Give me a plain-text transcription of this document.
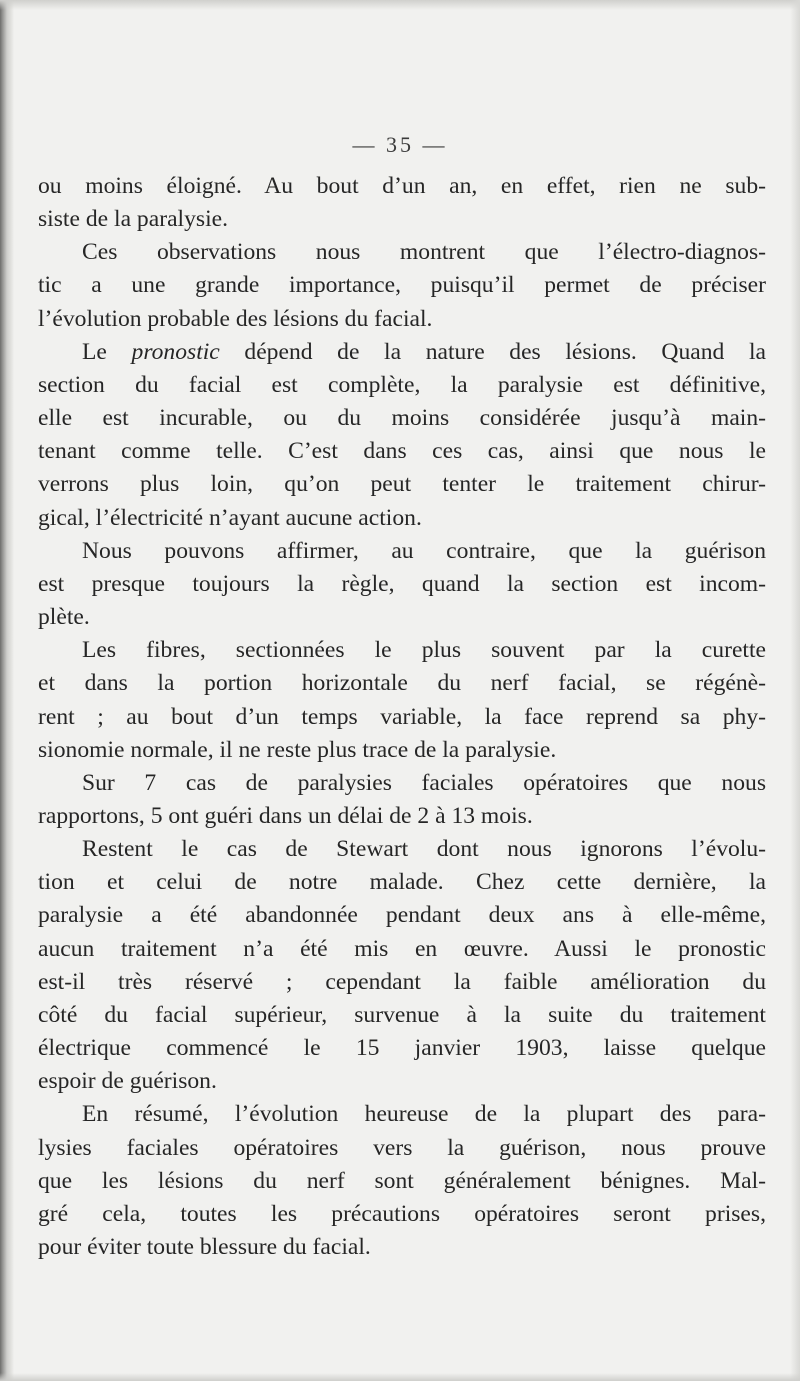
— 35 —

ou moins éloigné. Au bout d’un an, en effet, rien ne sub-
siste de la paralysie.

Ces observations nous montrent que l’électro-diagnos-
tic a une grande importance, puisqu’il permet de préciser
l’évolution probable des lésions du facial.

Le pronostic dépend de la nature des lésions. Quand la
section du facial est complète, la paralysie est définitive,
elle est incurable, ou du moins considérée jusqu’à main-
tenant comme telle. C’est dans ces cas, ainsi que nous le
verrons plus loin, qu’on peut tenter le traitement chirur-
gical, l’électricité n’ayant aucune action.

Nous pouvons affirmer, au contraire, que la guérison
est presque toujours la règle, quand la section est incom-
plète.

Les fibres, sectionnées le plus souvent par la curette
et dans la portion horizontale du nerf facial, se régénè-
rent ; au bout d’un temps variable, la face reprend sa phy-
sionomie normale, il ne reste plus trace de la paralysie.

Sur 7 cas de paralysies faciales opératoires que nous
rapportons, 5 ont guéri dans un délai de 2 à 13 mois.

Restent le cas de Stewart dont nous ignorons l’évolu-
tion et celui de notre malade. Chez cette dernière, la
paralysie a été abandonnée pendant deux ans à elle-même,
aucun traitement n’a été mis en œuvre. Aussi le pronostic
est-il très réservé ; cependant la faible amélioration du
côté du facial supérieur, survenue à la suite du traitement
électrique commencé le 15 janvier 1903, laisse quelque
espoir de guérison.

En résumé, l’évolution heureuse de la plupart des para-
lysies faciales opératoires vers la guérison, nous prouve
que les lésions du nerf sont généralement bénignes. Mal-
gré cela, toutes les précautions opératoires seront prises,
pour éviter toute blessure du facial.
